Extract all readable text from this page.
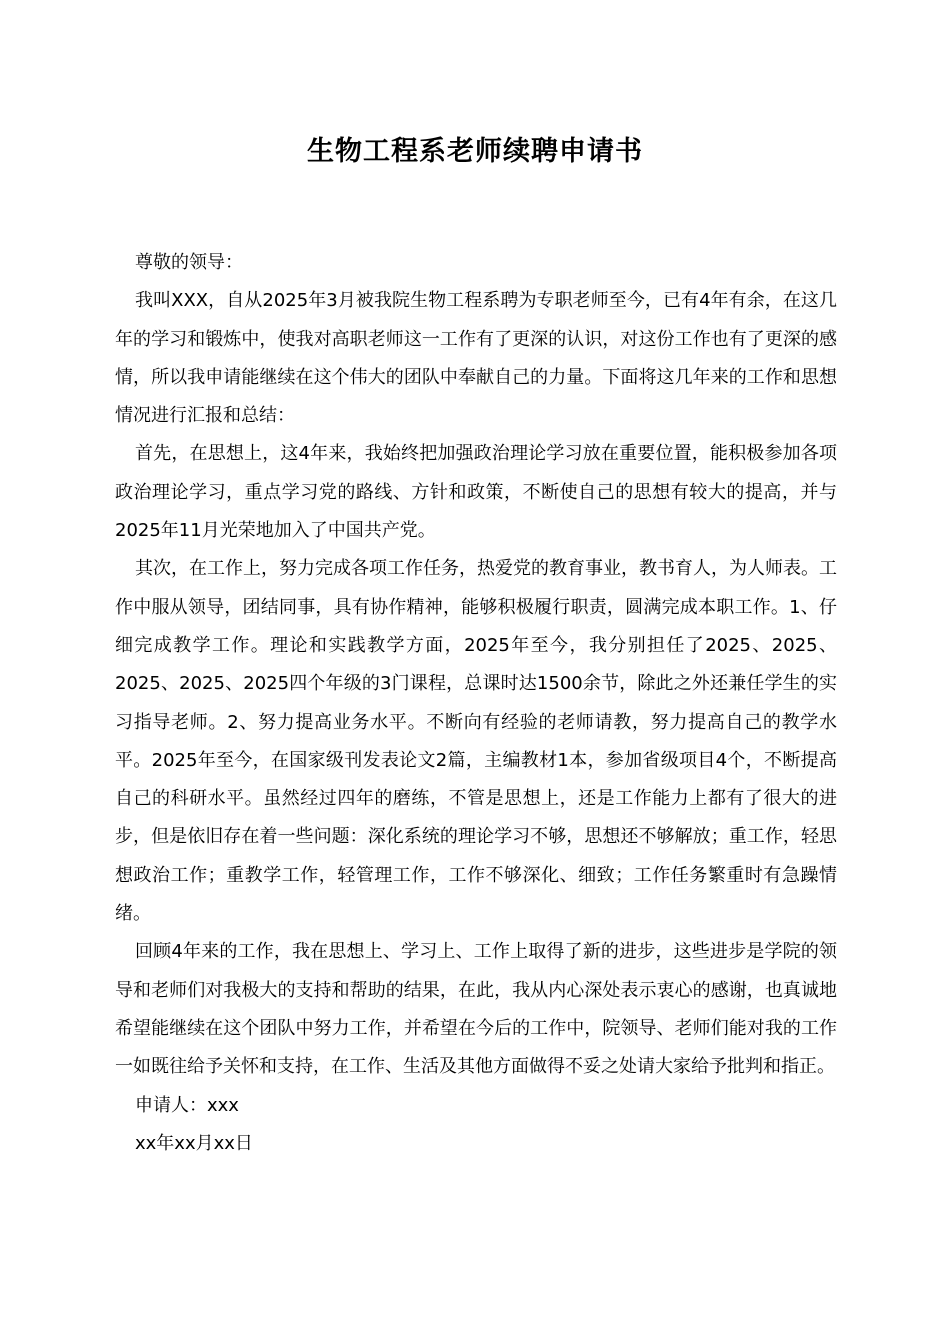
生物工程系老师续聘申请书

尊敬的领导：

我叫XXX，自从2025年3月被我院生物工程系聘为专职老师至今，已有4年有余，在这几年的学习和锻炼中，使我对高职老师这一工作有了更深的认识，对这份工作也有了更深的感情，所以我申请能继续在这个伟大的团队中奉献自己的力量。下面将这几年来的工作和思想情况进行汇报和总结：

首先，在思想上，这4年来，我始终把加强政治理论学习放在重要位置，能积极参加各项政治理论学习，重点学习党的路线、方针和政策，不断使自己的思想有较大的提高，并与2025年11月光荣地加入了中国共产党。

其次，在工作上，努力完成各项工作任务，热爱党的教育事业，教书育人，为人师表。工作中服从领导，团结同事，具有协作精神，能够积极履行职责，圆满完成本职工作。1、仔细完成教学工作。理论和实践教学方面，2025年至今，我分别担任了2025、2025、2025、2025、2025四个年级的3门课程，总课时达1500余节，除此之外还兼任学生的实习指导老师。2、努力提高业务水平。不断向有经验的老师请教，努力提高自己的教学水平。2025年至今，在国家级刊发表论文2篇，主编教材1本，参加省级项目4个，不断提高自己的科研水平。虽然经过四年的磨练，不管是思想上，还是工作能力上都有了很大的进步，但是依旧存在着一些问题：深化系统的理论学习不够，思想还不够解放；重工作，轻思想政治工作；重教学工作，轻管理工作，工作不够深化、细致；工作任务繁重时有急躁情绪。

回顾4年来的工作，我在思想上、学习上、工作上取得了新的进步，这些进步是学院的领导和老师们对我极大的支持和帮助的结果，在此，我从内心深处表示衷心的感谢，也真诚地希望能继续在这个团队中努力工作，并希望在今后的工作中，院领导、老师们能对我的工作一如既往给予关怀和支持，在工作、生活及其他方面做得不妥之处请大家给予批判和指正。

申请人：xxx

xx年xx月xx日
